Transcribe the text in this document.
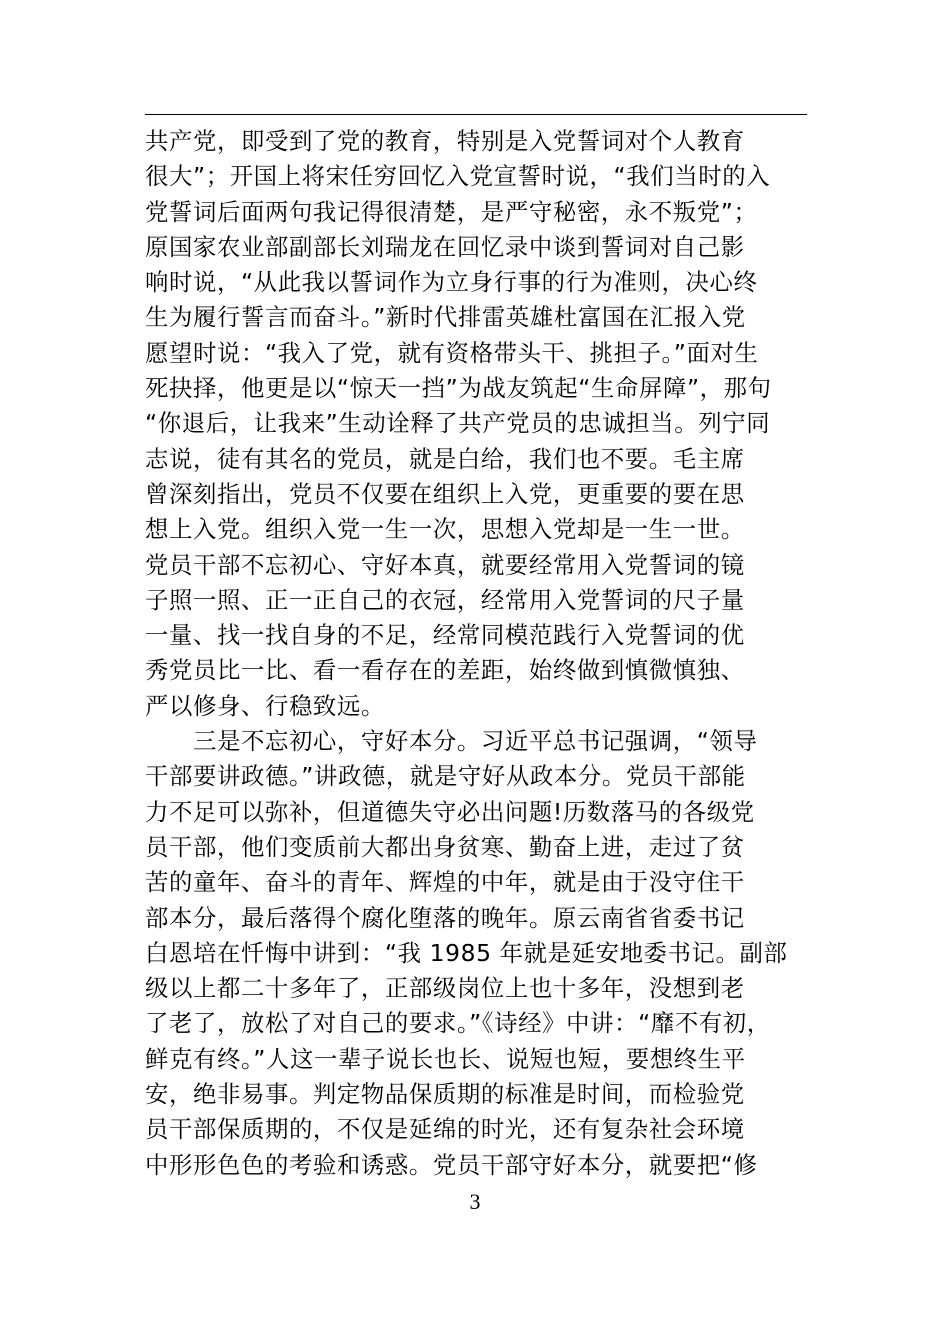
共产党，即受到了党的教育，特别是入党誓词对个人教育
很大”；开国上将宋任穷回忆入党宣誓时说，“我们当时的入
党誓词后面两句我记得很清楚，是严守秘密，永不叛党”；
原国家农业部副部长刘瑞龙在回忆录中谈到誓词对自己影
响时说，“从此我以誓词作为立身行事的行为准则，决心终
生为履行誓言而奋斗。”新时代排雷英雄杜富国在汇报入党
愿望时说：“我入了党，就有资格带头干、挑担子。”面对生
死抉择，他更是以“惊天一挡”为战友筑起“生命屏障”，那句
“你退后，让我来”生动诠释了共产党员的忠诚担当。列宁同
志说，徒有其名的党员，就是白给，我们也不要。毛主席
曾深刻指出，党员不仅要在组织上入党，更重要的要在思
想上入党。组织入党一生一次，思想入党却是一生一世。
党员干部不忘初心、守好本真，就要经常用入党誓词的镜
子照一照、正一正自己的衣冠，经常用入党誓词的尺子量
一量、找一找自身的不足，经常同模范践行入党誓词的优
秀党员比一比、看一看存在的差距，始终做到慎微慎独、
严以修身、行稳致远。
　　三是不忘初心，守好本分。习近平总书记强调，“领导
干部要讲政德。”讲政德，就是守好从政本分。党员干部能
力不足可以弥补，但道德失守必出问题!历数落马的各级党
员干部，他们变质前大都出身贫寒、勤奋上进，走过了贫
苦的童年、奋斗的青年、辉煌的中年，就是由于没守住干
部本分，最后落得个腐化堕落的晚年。原云南省省委书记
白恩培在忏悔中讲到：“我 1985 年就是延安地委书记。副部
级以上都二十多年了，正部级岗位上也十多年，没想到老
了老了，放松了对自己的要求。”《诗经》中讲：“靡不有初，
鲜克有终。”人这一辈子说长也长、说短也短，要想终生平
安，绝非易事。判定物品保质期的标准是时间，而检验党
员干部保质期的，不仅是延绵的时光，还有复杂社会环境
中形形色色的考验和诱惑。党员干部守好本分，就要把“修
3
